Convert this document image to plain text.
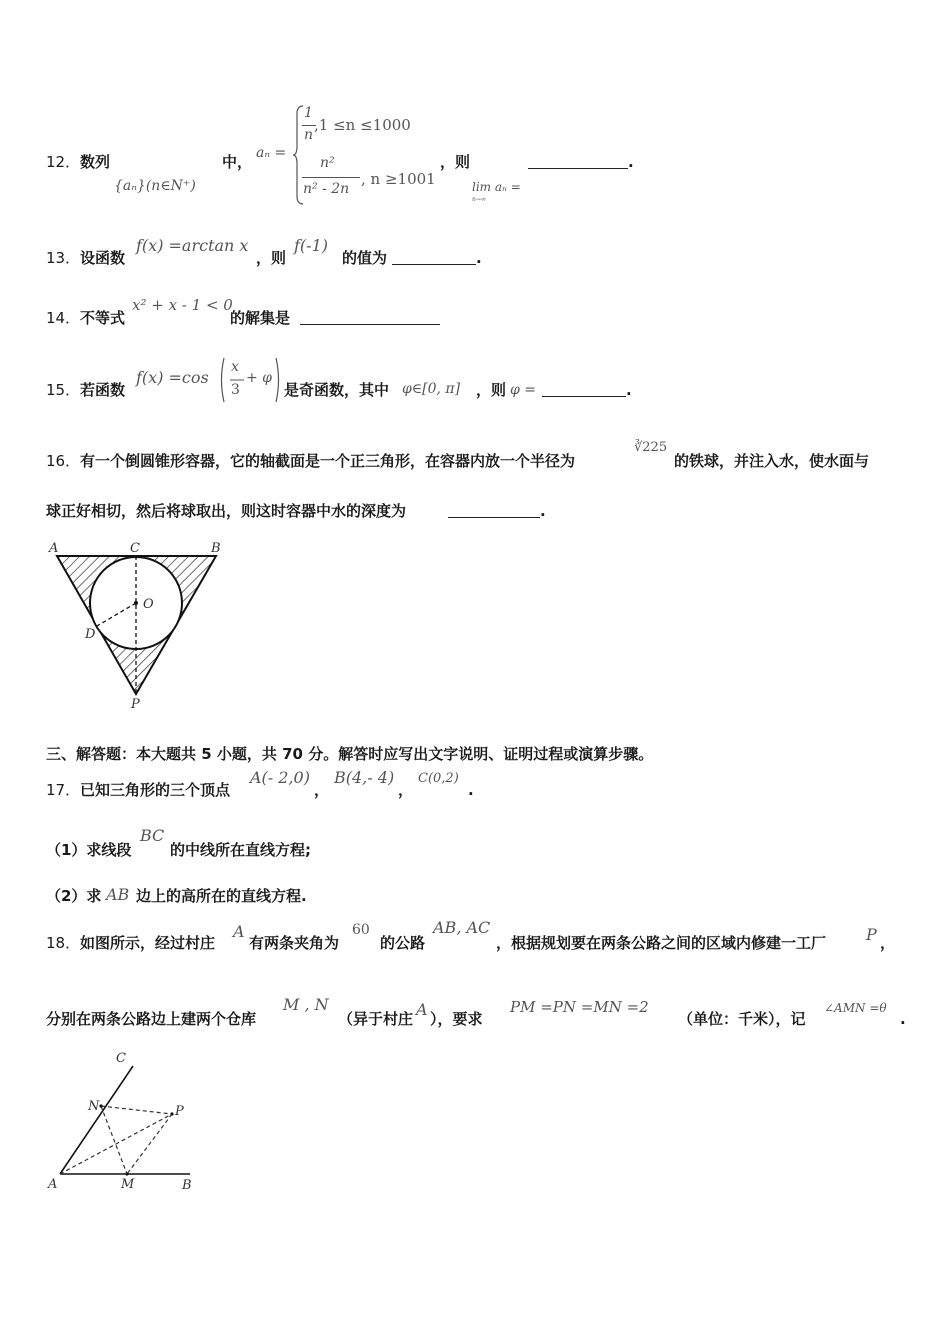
12． 数列
{aₙ}(n∈N⁺)
中， aₙ =
1
n
,1 ≤n ≤1000
n²
n² - 2n
, n ≥1001
，则
lim aₙ =
n→∞
.
13． 设函数
f(x) =arctan x
，则
f(-1)
的值为	.
14． 不等式
x² + x - 1 < 0
的解集是
15． 若函数
f(x) =cos
x
3
+ φ
是奇函数，其中 φ∈[0, π] ，则 φ =	.
16． 有一个倒圆锥形容器，它的轴截面是一个正三角形，在容器内放一个半径为
∛225
的铁球，并注入水，使水面与
球正好相切，然后将球取出，则这时容器中水的深度为	.
A	C	B
O
D
P
三、解答题：本大题共 5 小题，共 70 分。解答时应写出文字说明、证明过程或演算步骤。
17． 已知三角形的三个顶点
A(- 2,0)
，
B(4,- 4)
，
C(0,2)
.
（1）求线段
BC
的中线所在直线方程;
（2）求 AB 边上的高所在的直线方程.
18． 如图所示，经过村庄
A
有两条夹角为
60
的公路
AB, AC
，根据规划要在两条公路之间的区域内修建一工厂 P ，
分别在两条公路边上建两个仓库
M , N
（异于村庄 A ），要求
PM =PN =MN =2
（单位：千米），记
∠AMN =θ
.
C
N	P
A	M	B
